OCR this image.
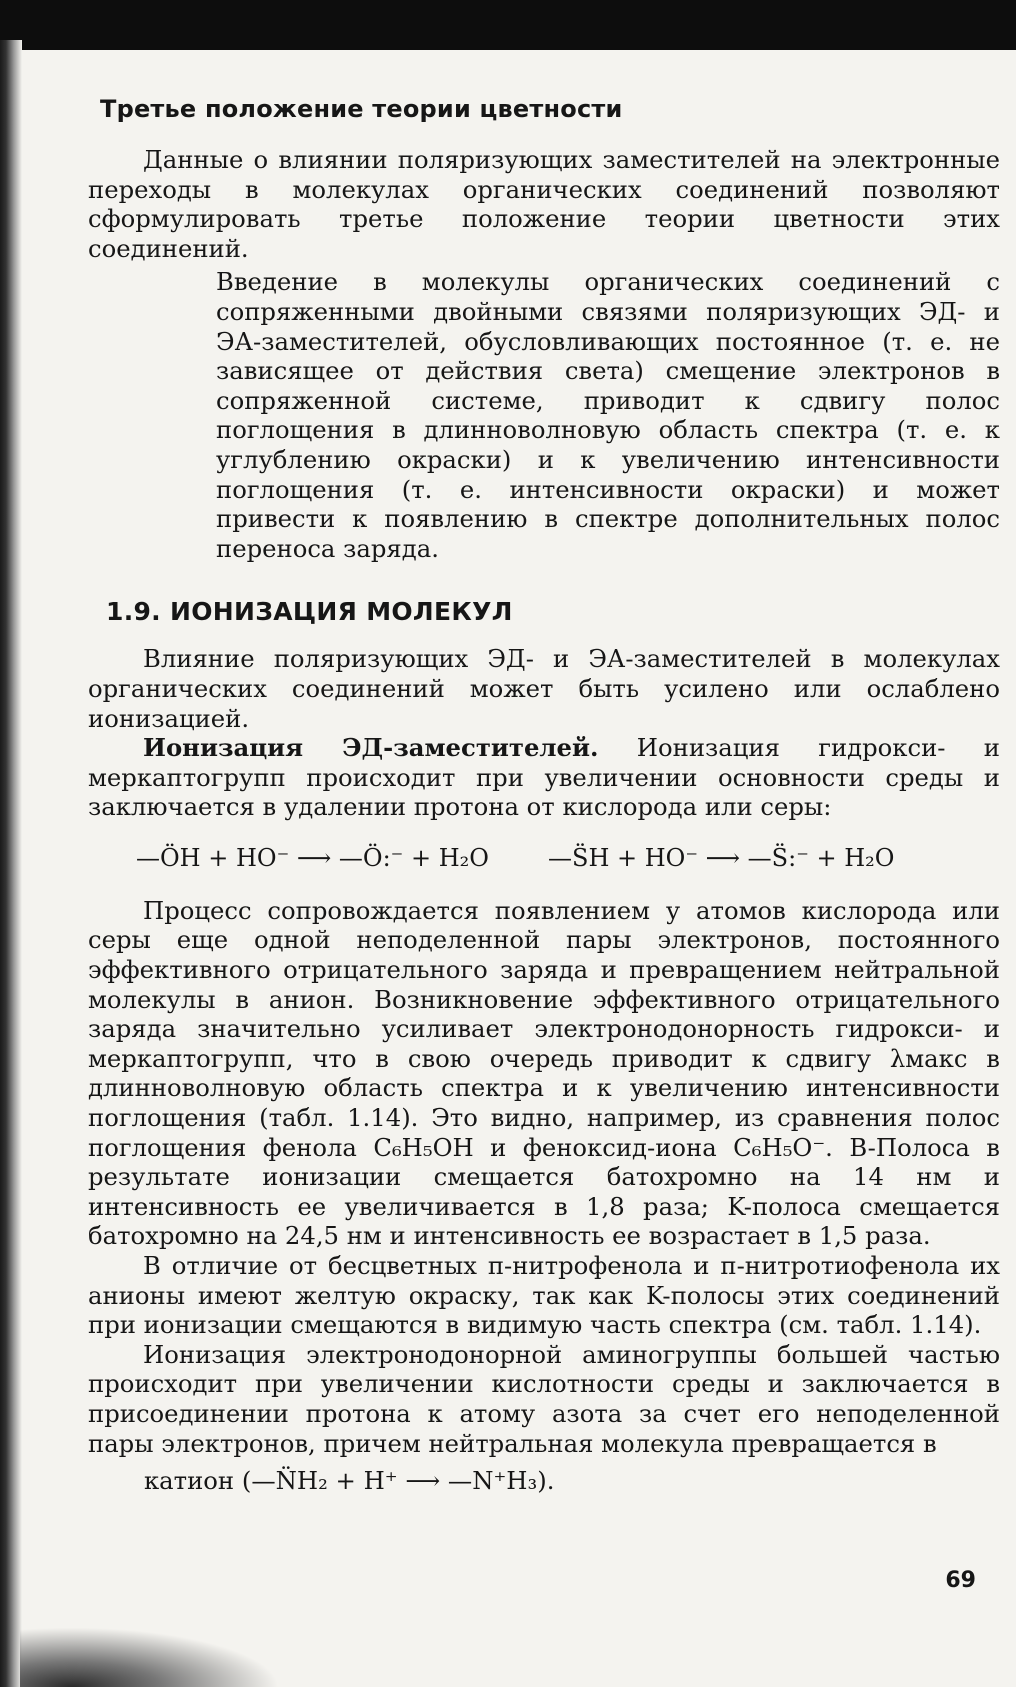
Третье положение теории цветности

Данные о влиянии поляризующих заместителей на электронные переходы в молекулах органических соединений позволяют сформулировать третье положение теории цветности этих соединений.

Введение в молекулы органических соединений с сопряженными двойными связями поляризующих ЭД- и ЭА-заместителей, обусловливающих постоянное (т. е. не зависящее от действия света) смещение электронов в сопряженной системе, приводит к сдвигу полос поглощения в длинноволновую область спектра (т. е. к углублению окраски) и к увеличению интенсивности поглощения (т. е. интенсивности окраски) и может привести к появлению в спектре дополнительных полос переноса заряда.
1.9. ИОНИЗАЦИЯ МОЛЕКУЛ

Влияние поляризующих ЭД- и ЭА-заместителей в молекулах органических соединений может быть усилено или ослаблено ионизацией.

Ионизация ЭД-заместителей. Ионизация гидрокси- и меркаптогрупп происходит при увеличении основности среды и заключается в удалении протона от кислорода или серы:

—ÖH + HO⁻ ⟶ —Ö:⁻ + H₂O —S̈H + HO⁻ ⟶ —S̈:⁻ + H₂O

Процесс сопровождается появлением у атомов кислорода или серы еще одной неподеленной пары электронов, постоянного эффективного отрицательного заряда и превращением нейтральной молекулы в анион. Возникновение эффективного отрицательного заряда значительно усиливает электронодонорность гидрокси- и меркаптогрупп, что в свою очередь приводит к сдвигу λмакс в длинноволновую область спектра и к увеличению интенсивности поглощения (табл. 1.14). Это видно, например, из сравнения полос поглощения фенола C₆H₅OH и феноксид-иона C₆H₅O⁻. B-Полоса в результате ионизации смещается батохромно на 14 нм и интенсивность ее увеличивается в 1,8 раза; K-полоса смещается батохромно на 24,5 нм и интенсивность ее возрастает в 1,5 раза.

В отличие от бесцветных п-нитрофенола и п-нитротиофенола их анионы имеют желтую окраску, так как K-полосы этих соединений при ионизации смещаются в видимую часть спектра (см. табл. 1.14).

Ионизация электронодонорной аминогруппы большей частью происходит при увеличении кислотности среды и заключается в присоединении протона к атому азота за счет его неподеленной пары электронов, причем нейтральная молекула превращается в

катион (—N̈H₂ + H⁺ ⟶ —N⁺H₃).
69
